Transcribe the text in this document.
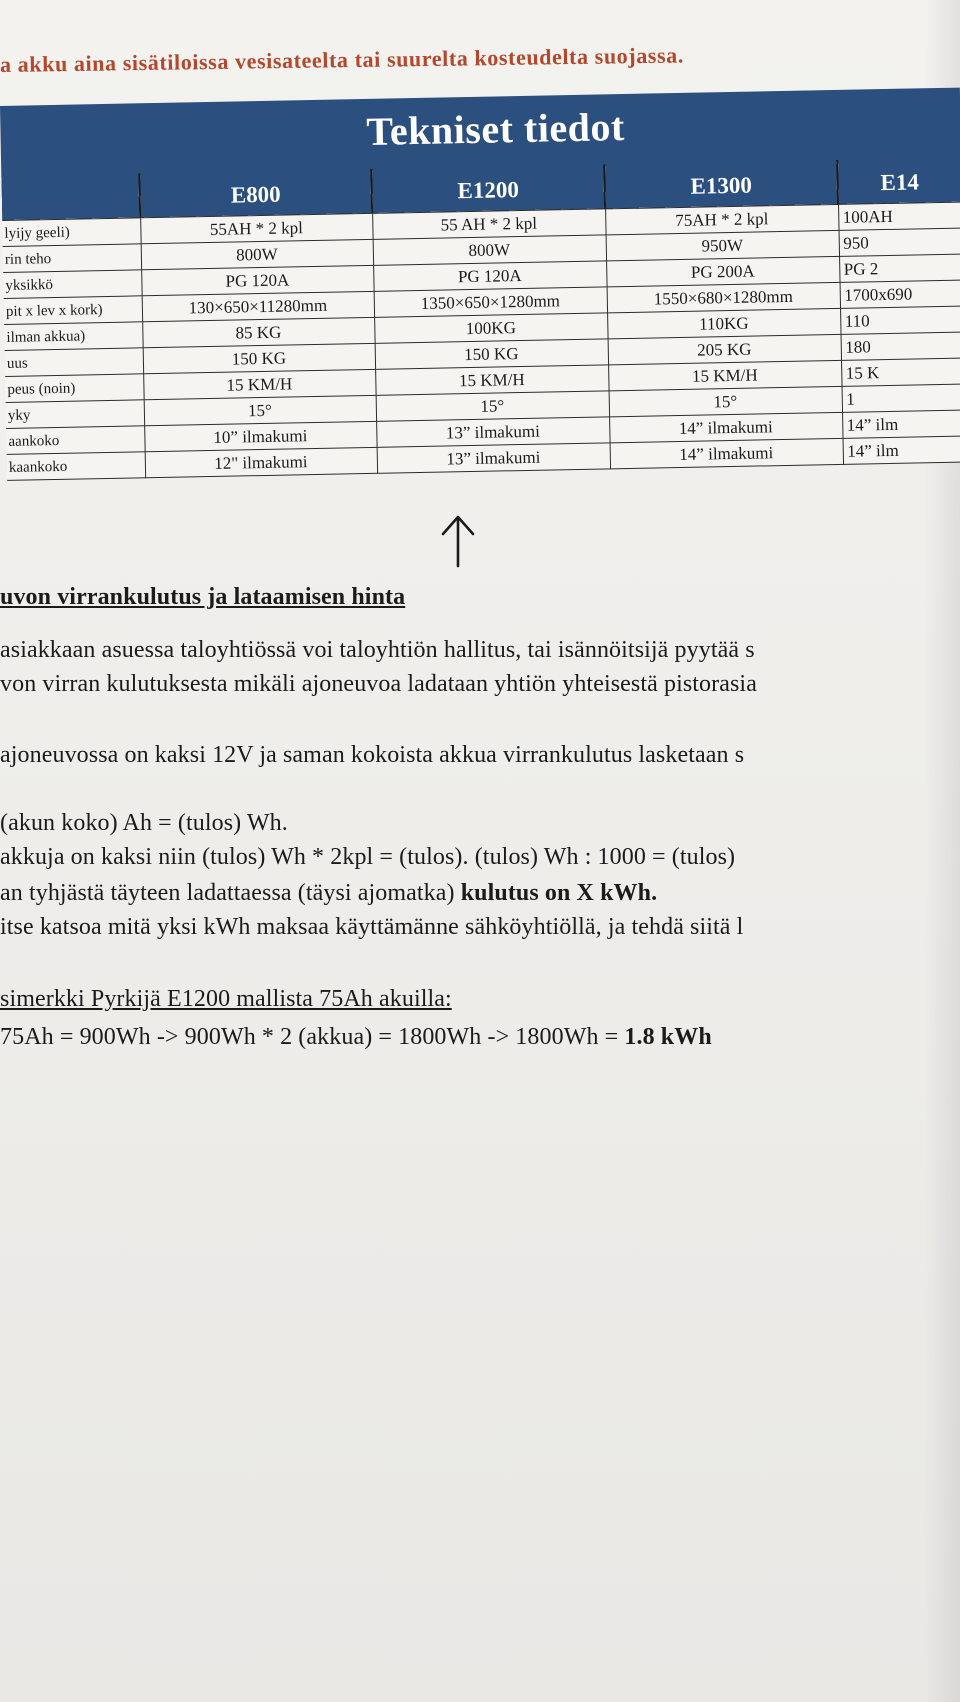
a akku aina sisätiloissa vesisateelta tai suurelta kosteudelta suojassa.
Tekniset tiedot
	E800	E1200	E1300	E14
lyijy geeli)	55AH * 2 kpl	55 AH * 2 kpl	75AH * 2 kpl	100AH
rin teho	800W	800W	950W	950
yksikkö	PG 120A	PG 120A	PG 200A	PG 2
pit x lev x kork)	130×650×11280mm	1350×650×1280mm	1550×680×1280mm	1700x690
ilman akkua)	85 KG	100KG	110KG	110
uus	150 KG	150 KG	205 KG	180
peus (noin)	15 KM/H	15 KM/H	15 KM/H	15 K
yky	15°	15°	15°	1
aankoko	10” ilmakumi	13” ilmakumi	14” ilmakumi	14” ilm
kaankoko	12" ilmakumi	13” ilmakumi	14” ilmakumi	14” ilm
uvon virrankulutus ja lataamisen hinta
asiakkaan asuessa taloyhtiössä voi taloyhtiön hallitus, tai isännöitsijä pyytää s
von virran kulutuksesta mikäli ajoneuvoa ladataan yhtiön yhteisestä pistorasia
ajoneuvossa on kaksi 12V ja saman kokoista akkua virrankulutus lasketaan s
(akun koko) Ah = (tulos) Wh.
akkuja on kaksi niin (tulos) Wh * 2kpl = (tulos). (tulos) Wh : 1000 = (tulos)
an tyhjästä täyteen ladattaessa (täysi ajomatka) kulutus on X kWh.
itse katsoa mitä yksi kWh maksaa käyttämänne sähköyhtiöllä, ja tehdä siitä l
simerkki Pyrkijä E1200 mallista 75Ah akuilla:
75Ah = 900Wh -> 900Wh * 2 (akkua) = 1800Wh -> 1800Wh = 1.8 kWh
